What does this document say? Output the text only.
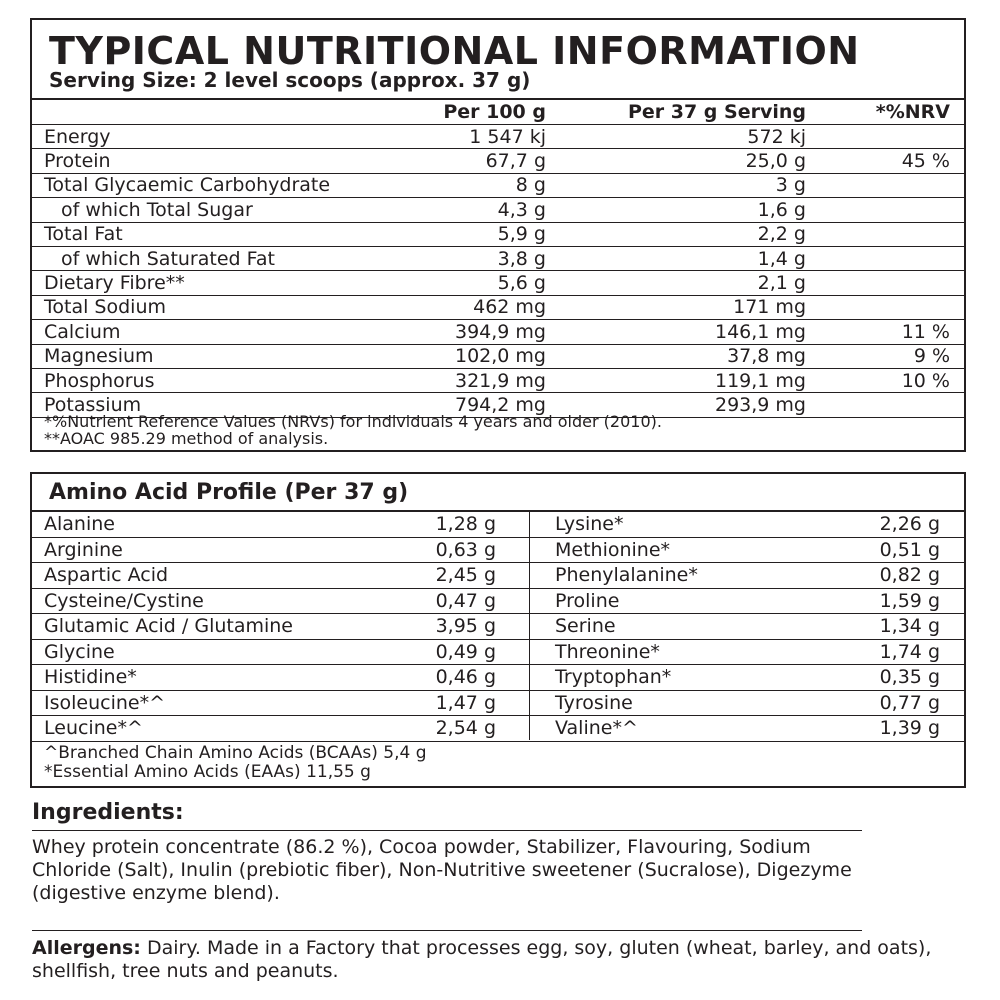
TYPICAL NUTRITIONAL INFORMATION
Serving Size: 2 level scoops (approx. 37 g)
Per 100 g	Per 37 g Serving	*%NRV
Energy	1 547 kj	572 kj
Protein	67,7 g	25,0 g	45 %
Total Glycaemic Carbohydrate	8 g	3 g
of which Total Sugar	4,3 g	1,6 g
Total Fat	5,9 g	2,2 g
of which Saturated Fat	3,8 g	1,4 g
Dietary Fibre**	5,6 g	2,1 g
Total Sodium	462 mg	171 mg
Calcium	394,9 mg	146,1 mg	11 %
Magnesium	102,0 mg	37,8 mg	9 %
Phosphorus	321,9 mg	119,1 mg	10 %
Potassium	794,2 mg	293,9 mg
*%Nutrient Reference Values (NRVs) for individuals 4 years and older (2010).
**AOAC 985.29 method of analysis.
Amino Acid Profile (Per 37 g)
Alanine	1,28 g	Lysine*	2,26 g
Arginine	0,63 g	Methionine*	0,51 g
Aspartic Acid	2,45 g	Phenylalanine*	0,82 g
Cysteine/Cystine	0,47 g	Proline	1,59 g
Glutamic Acid / Glutamine	3,95 g	Serine	1,34 g
Glycine	0,49 g	Threonine*	1,74 g
Histidine*	0,46 g	Tryptophan*	0,35 g
Isoleucine*^	1,47 g	Tyrosine	0,77 g
Leucine*^	2,54 g	Valine*^	1,39 g
^Branched Chain Amino Acids (BCAAs) 5,4 g
*Essential Amino Acids (EAAs) 11,55 g
Ingredients:
Whey protein concentrate (86.2 %), Cocoa powder, Stabilizer, Flavouring, Sodium Chloride (Salt), Inulin (prebiotic fiber), Non-Nutritive sweetener (Sucralose), Digezyme (digestive enzyme blend).
Allergens: Dairy. Made in a Factory that processes egg, soy, gluten (wheat, barley, and oats), shellfish, tree nuts and peanuts.
